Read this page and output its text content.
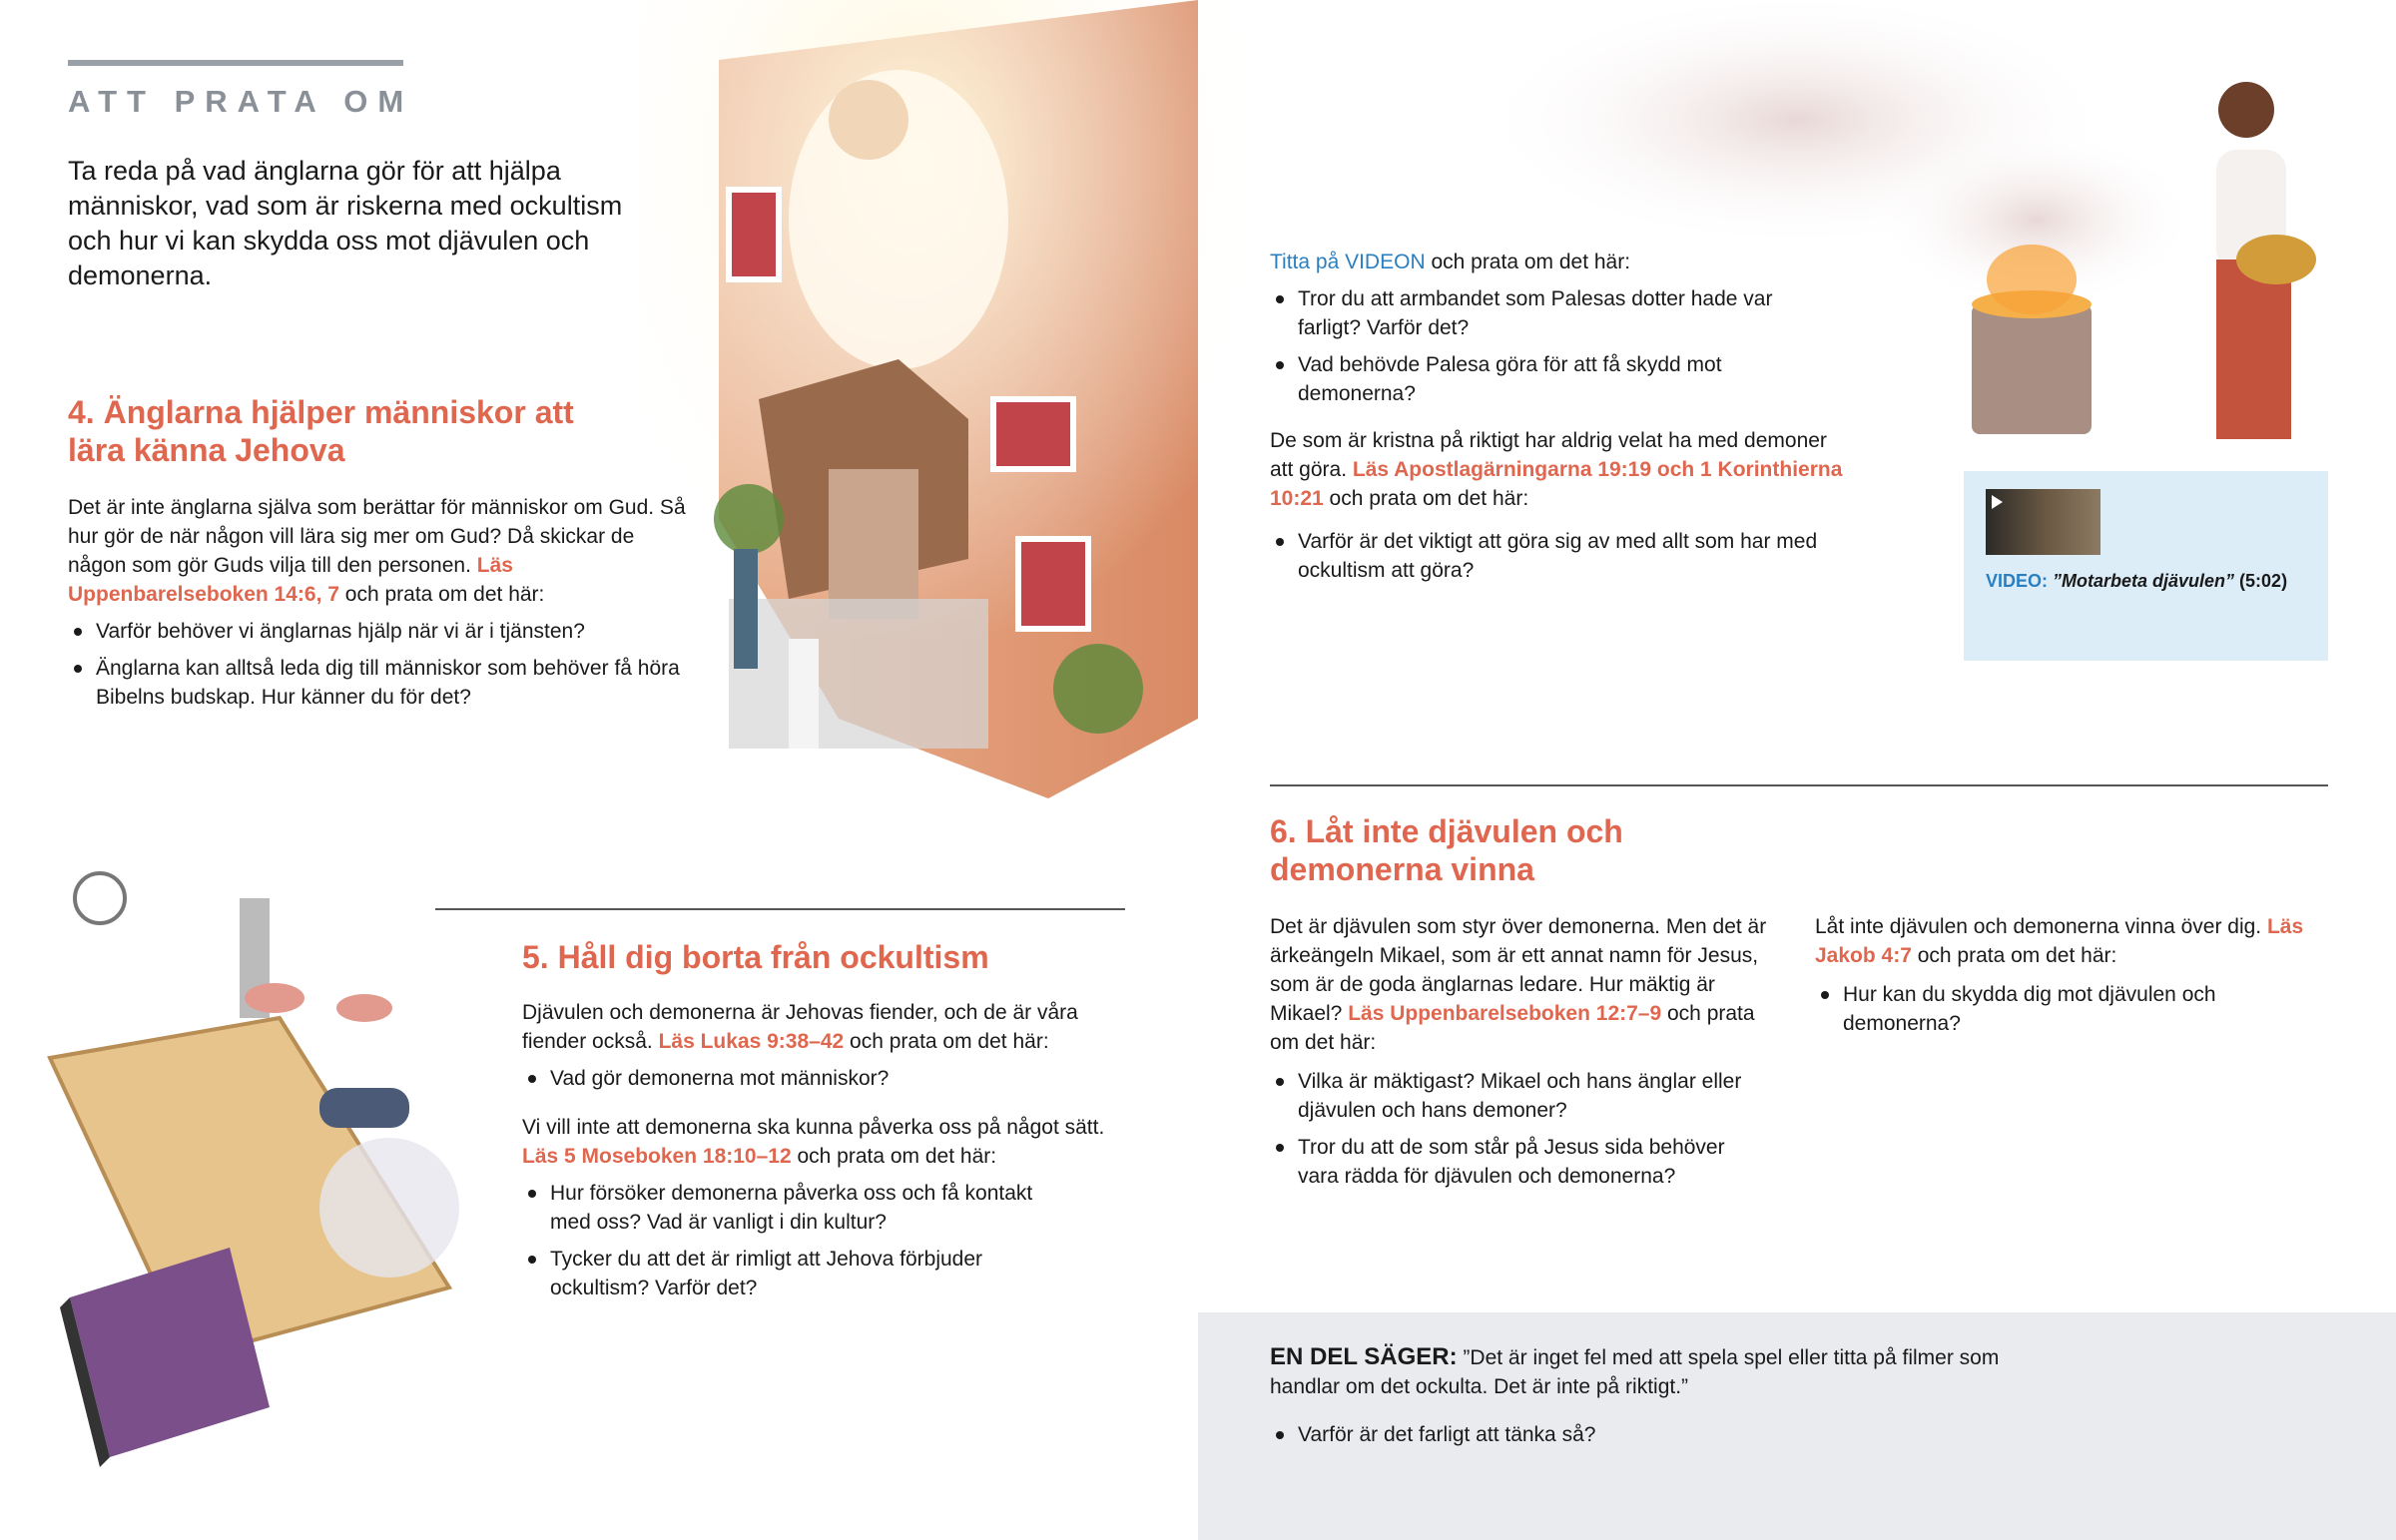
ATT PRATA OM

Ta reda på vad änglarna gör för att hjälpa människor, vad som är riskerna med ockultism och hur vi kan skydda oss mot djävulen och demonerna.

4. Änglarna hjälper människor att lära känna Jehova

Det är inte änglarna själva som berättar för människor om Gud. Så hur gör de när någon vill lära sig mer om Gud? Då skickar de någon som gör Guds vilja till den personen. Läs Uppenbarelseboken 14:6, 7 och prata om det här:

Varför behöver vi änglarnas hjälp när vi är i tjänsten?
Änglarna kan alltså leda dig till människor som behöver få höra Bibelns budskap. Hur känner du för det?
5. Håll dig borta från ockultism

Djävulen och demonerna är Jehovas fiender, och de är våra fiender också. Läs Lukas 9:38–42 och prata om det här:

Vad gör demonerna mot människor?

Vi vill inte att demonerna ska kunna påverka oss på något sätt. Läs 5 Moseboken 18:10–12 och prata om det här:

Hur försöker demonerna påverka oss och få kontakt med oss? Vad är vanligt i din kultur?
Tycker du att det är rimligt att Jehova förbjuder ockultism? Varför det?

Titta på VIDEON och prata om det här:

Tror du att armbandet som Palesas dotter hade var farligt? Varför det?
Vad behövde Palesa göra för att få skydd mot demonerna?

De som är kristna på riktigt har aldrig velat ha med demoner att göra. Läs Apostlagärningarna 19:19 och 1 Korinthierna 10:21 och prata om det här:

Varför är det viktigt att göra sig av med allt som har med ockultism att göra?	VIDEO: ”Motarbeta djävulen” (5:02)
6. Låt inte djävulen och demonerna vinna

Det är djävulen som styr över demonerna. Men det är ärkeängeln Mikael, som är ett annat namn för Jesus, som är de goda änglarnas ledare. Hur mäktig är Mikael? Läs Uppenbarelseboken 12:7–9 och prata om det här:

Vilka är mäktigast? Mikael och hans änglar eller djävulen och hans demoner?
Tror du att de som står på Jesus sida behöver vara rädda för djävulen och demonerna?

Låt inte djävulen och demonerna vinna över dig. Läs Jakob 4:7 och prata om det här:

Hur kan du skydda dig mot djävulen och demonerna?

EN DEL SÄGER: ”Det är inget fel med att spela spel eller titta på filmer som handlar om det ockulta. Det är inte på riktigt.”

Varför är det farligt att tänka så?
